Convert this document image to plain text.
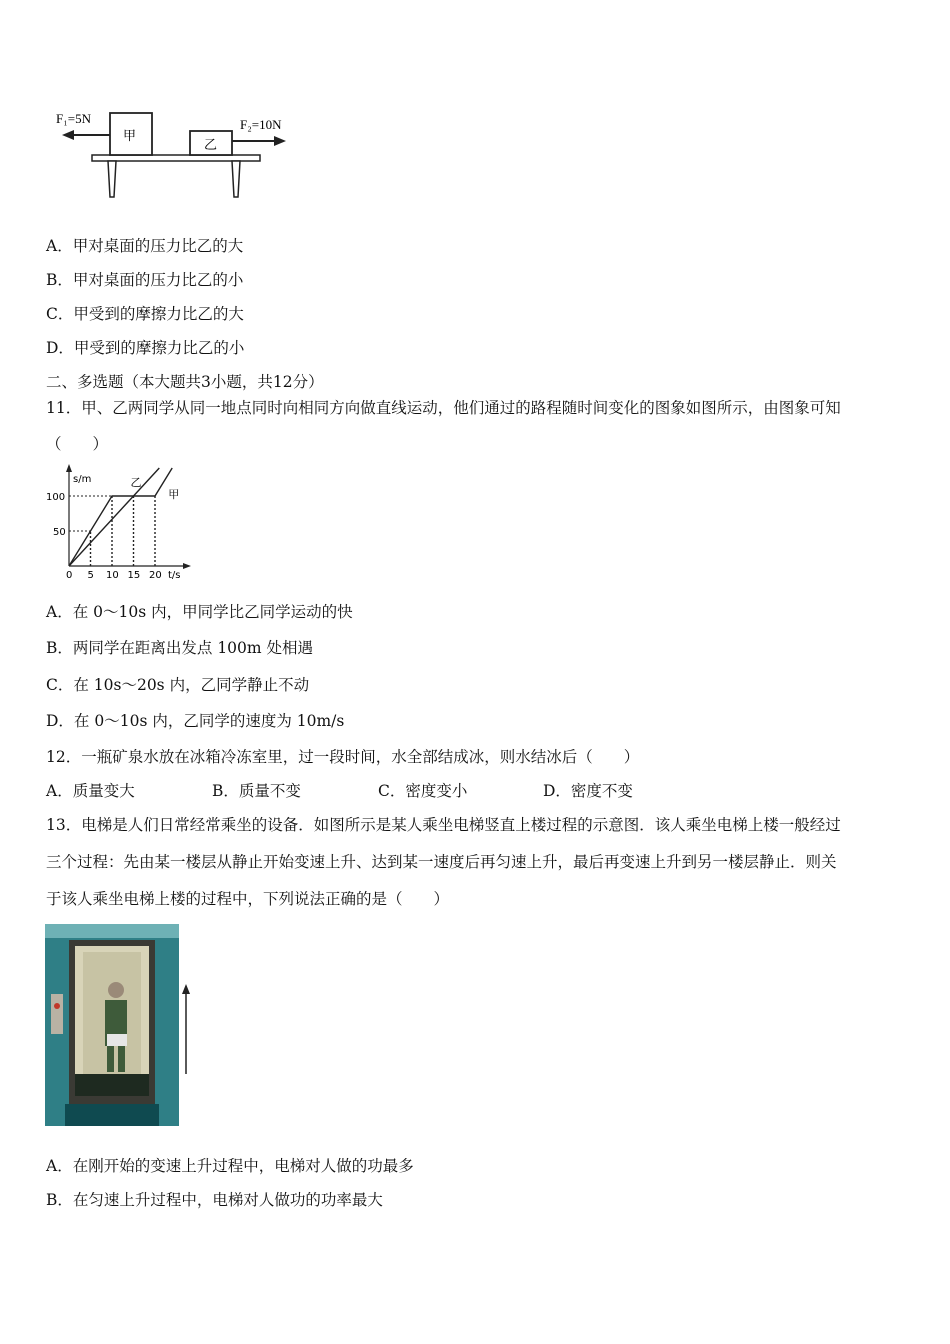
F₁=5N	F₂=10N
甲
乙
A．甲对桌面的压力比乙的大
B．甲对桌面的压力比乙的小
C．甲受到的摩擦力比乙的大
D．甲受到的摩擦力比乙的小
二、多选题（本大题共3小题，共12分）
11．甲、乙两同学从同一地点同时向相同方向做直线运动，他们通过的路程随时间变化的图象如图所示，由图象可知
（　　）
s/m
t/s
0 5 10 15 20
50
100
乙
甲
A．在 0～10s 内，甲同学比乙同学运动的快
B．两同学在距离出发点 100m 处相遇
C．在 10s～20s 内，乙同学静止不动
D．在 0～10s 内，乙同学的速度为 10m/s
12．一瓶矿泉水放在冰箱冷冻室里，过一段时间，水全部结成冰，则水结冰后（　　）
A．质量变大	B．质量不变	C．密度变小	D．密度不变
13．电梯是人们日常经常乘坐的设备．如图所示是某人乘坐电梯竖直上楼过程的示意图．该人乘坐电梯上楼一般经过
三个过程：先由某一楼层从静止开始变速上升、达到某一速度后再匀速上升，最后再变速上升到另一楼层静止．则关
于该人乘坐电梯上楼的过程中，下列说法正确的是（　　）
A．在刚开始的变速上升过程中，电梯对人做的功最多
B．在匀速上升过程中，电梯对人做功的功率最大
